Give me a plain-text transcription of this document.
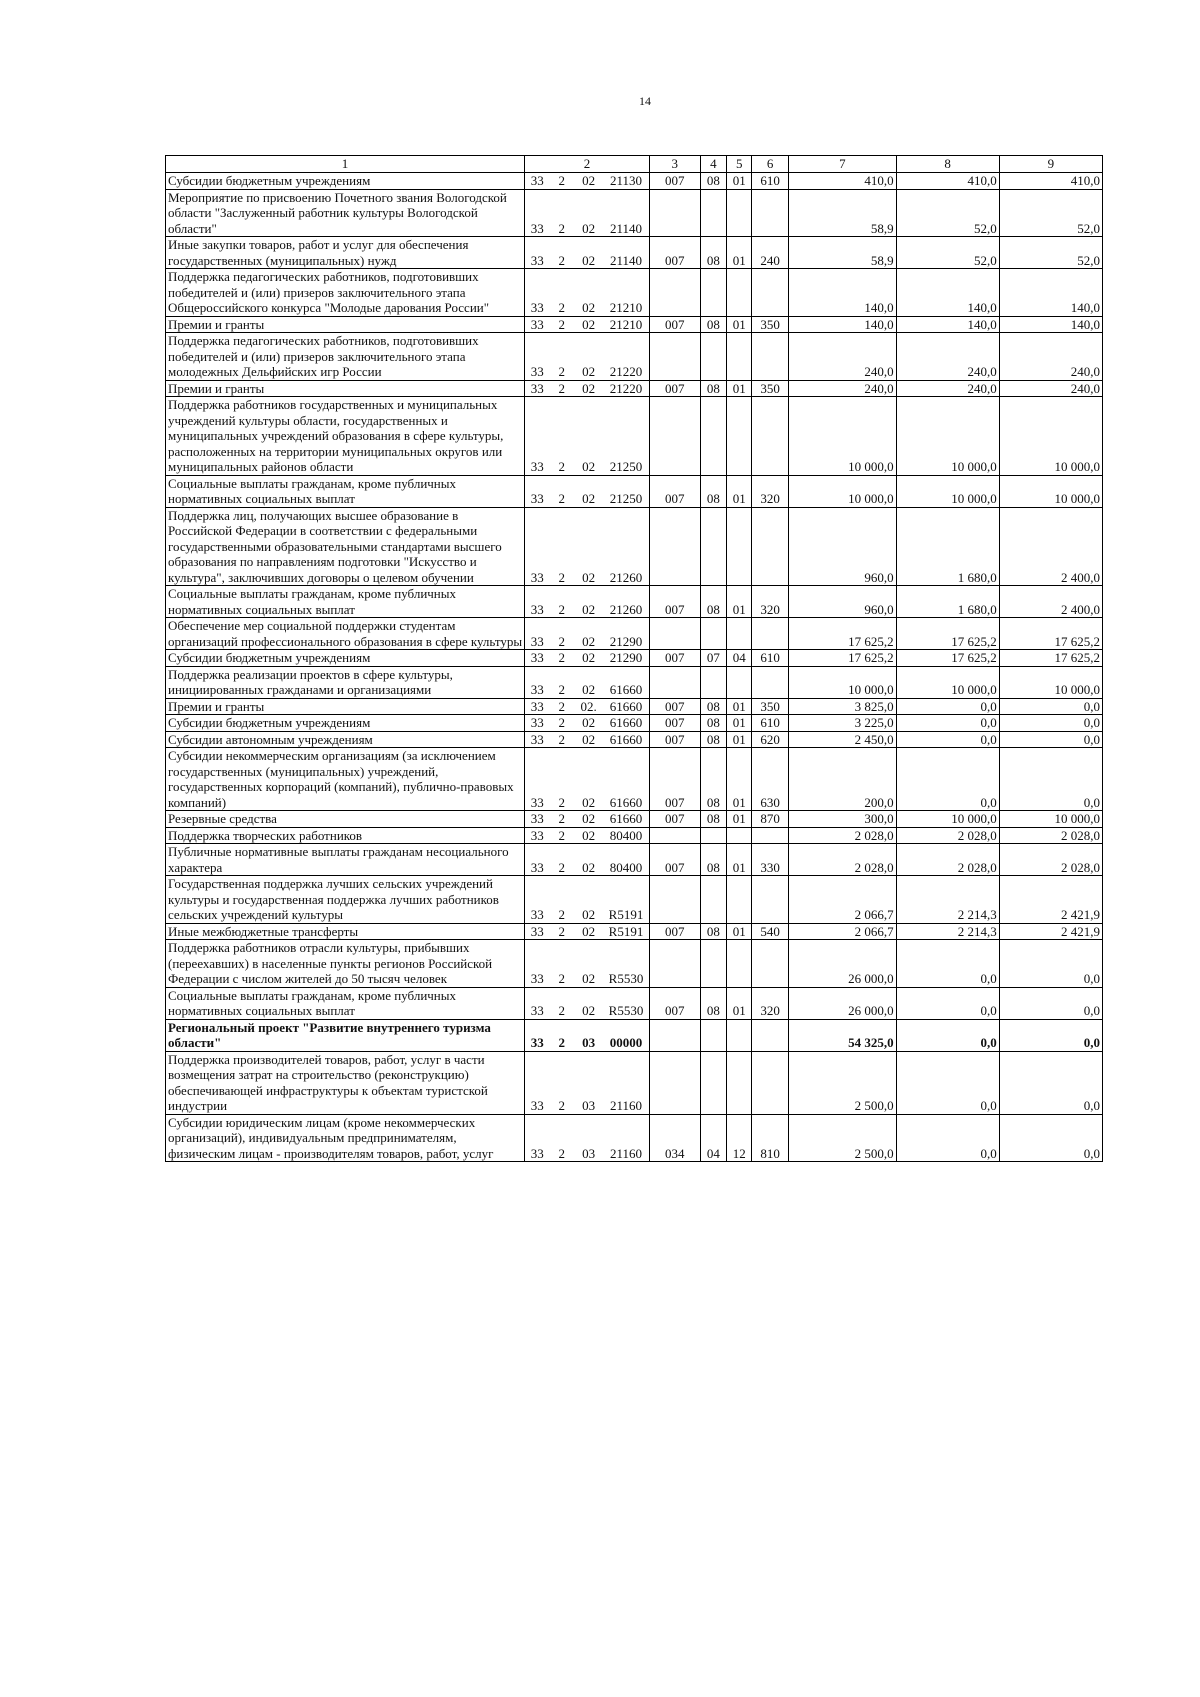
14
1	2				3	4	5	6	7	8	9
Субсидии бюджетным учреждениям	33	2	02	21130	007	08	01	610	410,0	410,0	410,0
Мероприятие по присвоению Почетного звания Вологодской области "Заслуженный работник культуры Вологодской области"	33	2	02	21140					58,9	52,0	52,0
Иные закупки товаров, работ и услуг для обеспечения государственных (муниципальных) нужд	33	2	02	21140	007	08	01	240	58,9	52,0	52,0
Поддержка педагогических работников, подготовивших победителей и (или) призеров заключительного этапа Общероссийского конкурса "Молодые дарования России"	33	2	02	21210					140,0	140,0	140,0
Премии и гранты	33	2	02	21210	007	08	01	350	140,0	140,0	140,0
Поддержка педагогических работников, подготовивших победителей и (или) призеров заключительного этапа молодежных Дельфийских игр России	33	2	02	21220					240,0	240,0	240,0
Премии и гранты	33	2	02	21220	007	08	01	350	240,0	240,0	240,0
Поддержка работников государственных и муниципальных учреждений культуры области, государственных и муниципальных учреждений образования в сфере культуры, расположенных на территории муниципальных округов или муниципальных районов области	33	2	02	21250					10 000,0	10 000,0	10 000,0
Социальные выплаты гражданам, кроме публичных нормативных социальных выплат	33	2	02	21250	007	08	01	320	10 000,0	10 000,0	10 000,0
Поддержка лиц, получающих высшее образование в Российской Федерации в соответствии с федеральными государственными образовательными стандартами высшего образования по направлениям подготовки "Искусство и культура", заключивших договоры о целевом обучении	33	2	02	21260					960,0	1 680,0	2 400,0
Социальные выплаты гражданам, кроме публичных нормативных социальных выплат	33	2	02	21260	007	08	01	320	960,0	1 680,0	2 400,0
Обеспечение мер социальной поддержки студентам организаций профессионального образования в сфере культуры	33	2	02	21290					17 625,2	17 625,2	17 625,2
Субсидии бюджетным учреждениям	33	2	02	21290	007	07	04	610	17 625,2	17 625,2	17 625,2
Поддержка реализации проектов в сфере культуры, инициированных гражданами и организациями	33	2	02	61660					10 000,0	10 000,0	10 000,0
Премии и гранты	33	2	02.	61660	007	08	01	350	3 825,0	0,0	0,0
Субсидии бюджетным учреждениям	33	2	02	61660	007	08	01	610	3 225,0	0,0	0,0
Субсидии автономным учреждениям	33	2	02	61660	007	08	01	620	2 450,0	0,0	0,0
Субсидии некоммерческим организациям (за исключением государственных (муниципальных) учреждений, государственных корпораций (компаний), публично-правовых компаний)	33	2	02	61660	007	08	01	630	200,0	0,0	0,0
Резервные средства	33	2	02	61660	007	08	01	870	300,0	10 000,0	10 000,0
Поддержка творческих работников	33	2	02	80400					2 028,0	2 028,0	2 028,0
Публичные нормативные выплаты гражданам несоциального характера	33	2	02	80400	007	08	01	330	2 028,0	2 028,0	2 028,0
Государственная поддержка лучших сельских учреждений культуры и государственная поддержка лучших работников сельских учреждений культуры	33	2	02	R5191					2 066,7	2 214,3	2 421,9
Иные межбюджетные трансферты	33	2	02	R5191	007	08	01	540	2 066,7	2 214,3	2 421,9
Поддержка работников отрасли культуры, прибывших (переехавших) в населенные пункты регионов Российской Федерации с числом жителей до 50 тысяч человек	33	2	02	R5530					26 000,0	0,0	0,0
Социальные выплаты гражданам, кроме публичных нормативных социальных выплат	33	2	02	R5530	007	08	01	320	26 000,0	0,0	0,0
Региональный проект "Развитие внутреннего туризма области"	33	2	03	00000					54 325,0	0,0	0,0
Поддержка производителей товаров, работ, услуг в части возмещения затрат на строительство (реконструкцию) обеспечивающей инфраструктуры к объектам туристской индустрии	33	2	03	21160					2 500,0	0,0	0,0
Субсидии юридическим лицам (кроме некоммерческих организаций), индивидуальным предпринимателям, физическим лицам - производителям товаров, работ, услуг	33	2	03	21160	034	04	12	810	2 500,0	0,0	0,0
